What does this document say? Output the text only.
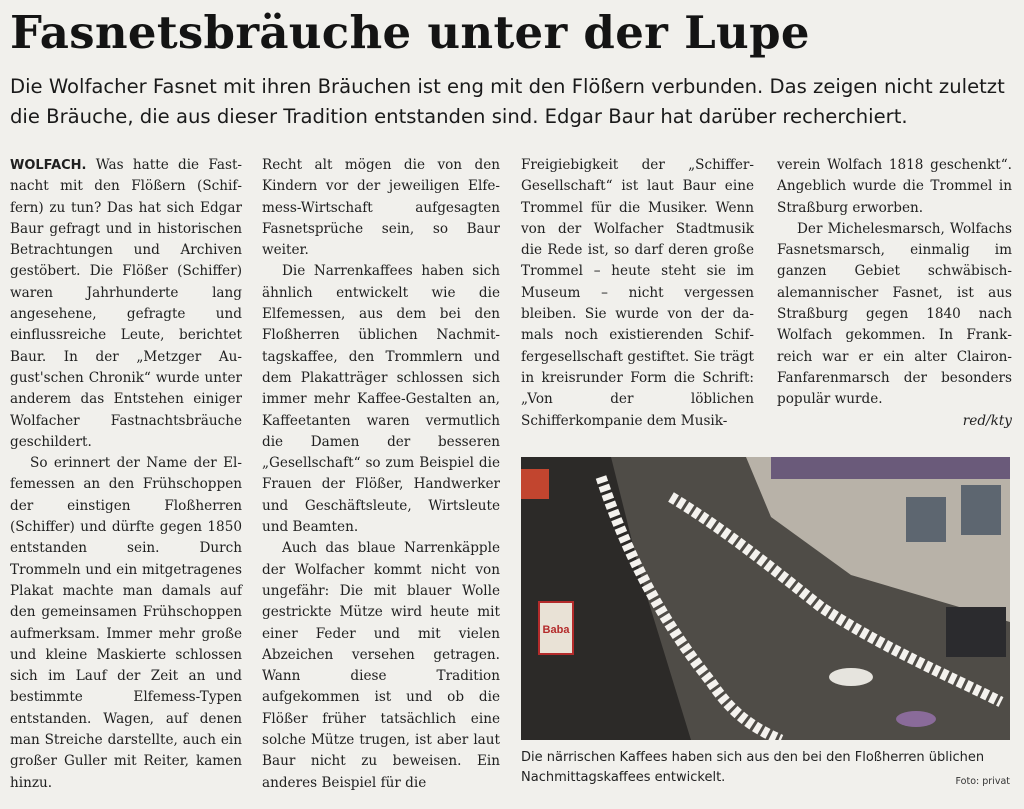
Fasnetsbräuche unter der Lupe

Die Wolfacher Fasnet mit ihren Bräuchen ist eng mit den Flößern verbunden. Das zeigen nicht zuletzt die Bräuche, die aus dieser Tradition entstanden sind. Edgar Baur hat darüber recherchiert.

WOLFACH. Was hatte die Fastnacht mit den Flößern (Schiffern) zu tun? Das hat sich Edgar Baur gefragt und in historischen Betrachtungen und Archiven gestöbert. Die Flößer (Schiffer) waren Jahrhunderte lang angesehene, gefragte und einflussreiche Leute, berichtet Baur. In der „Metzger August'schen Chronik“ wurde unter anderem das Entstehen einiger Wolfacher Fastnachtsbräuche geschildert.

So erinnert der Name der Elfemessen an den Frühschoppen der einstigen Floßherren (Schiffer) und dürfte gegen 1850 entstanden sein. Durch Trommeln und ein mitgetragenes Plakat machte man damals auf den gemeinsamen Frühschoppen aufmerksam. Immer mehr große und kleine Maskierte schlossen sich im Lauf der Zeit an und bestimmte Elfemess-Typen entstanden. Wagen, auf denen man Streiche darstellte, auch ein großer Guller mit Reiter, kamen hinzu.

Recht alt mögen die von den Kindern vor der jeweiligen Elfemess-Wirtschaft aufgesagten Fasnetsprüche sein, so Baur weiter.

Die Narrenkaffees haben sich ähnlich entwickelt wie die Elfemessen, aus dem bei den Floßherren üblichen Nachmittagskaffee, den Trommlern und dem Plakatträger schlossen sich immer mehr Kaffee-Gestalten an, Kaffeetanten waren vermutlich die Damen der besseren „Gesellschaft“ so zum Beispiel die Frauen der Flößer, Handwerker und Geschäftsleute, Wirtsleute und Beamten.

Auch das blaue Narrenkäpple der Wolfacher kommt nicht von ungefähr: Die mit blauer Wolle gestrickte Mütze wird heute mit einer Feder und mit vielen Abzeichen versehen getragen. Wann diese Tradition aufgekommen ist und ob die Flößer früher tatsächlich eine solche Mütze trugen, ist aber laut Baur nicht zu beweisen. Ein anderes Beispiel für die

Freigiebigkeit der „Schiffer-Gesellschaft“ ist laut Baur eine Trommel für die Musiker. Wenn von der Wolfacher Stadtmusik die Rede ist, so darf deren große Trommel – heute steht sie im Museum – nicht vergessen bleiben. Sie wurde von der damals noch existierenden Schiffergesellschaft gestiftet. Sie trägt in kreisrunder Form die Schrift: „Von der löblichen Schifferkompanie dem Musik-

verein Wolfach 1818 geschenkt“. Angeblich wurde die Trommel in Straßburg erworben.

Der Michelesmarsch, Wolfachs Fasnetsmarsch, einmalig im ganzen Gebiet schwäbischalemannischer Fasnet, ist aus Straßburg gegen 1840 nach Wolfach gekommen. In Frankreich war er ein alter Clairon-Fanfarenmarsch der besonders populär wurde.

red/kty

Baba

Die närrischen Kaffees haben sich aus den bei den Floßherren üblichen Nachmittagskaffees entwickelt.	Foto: privat
